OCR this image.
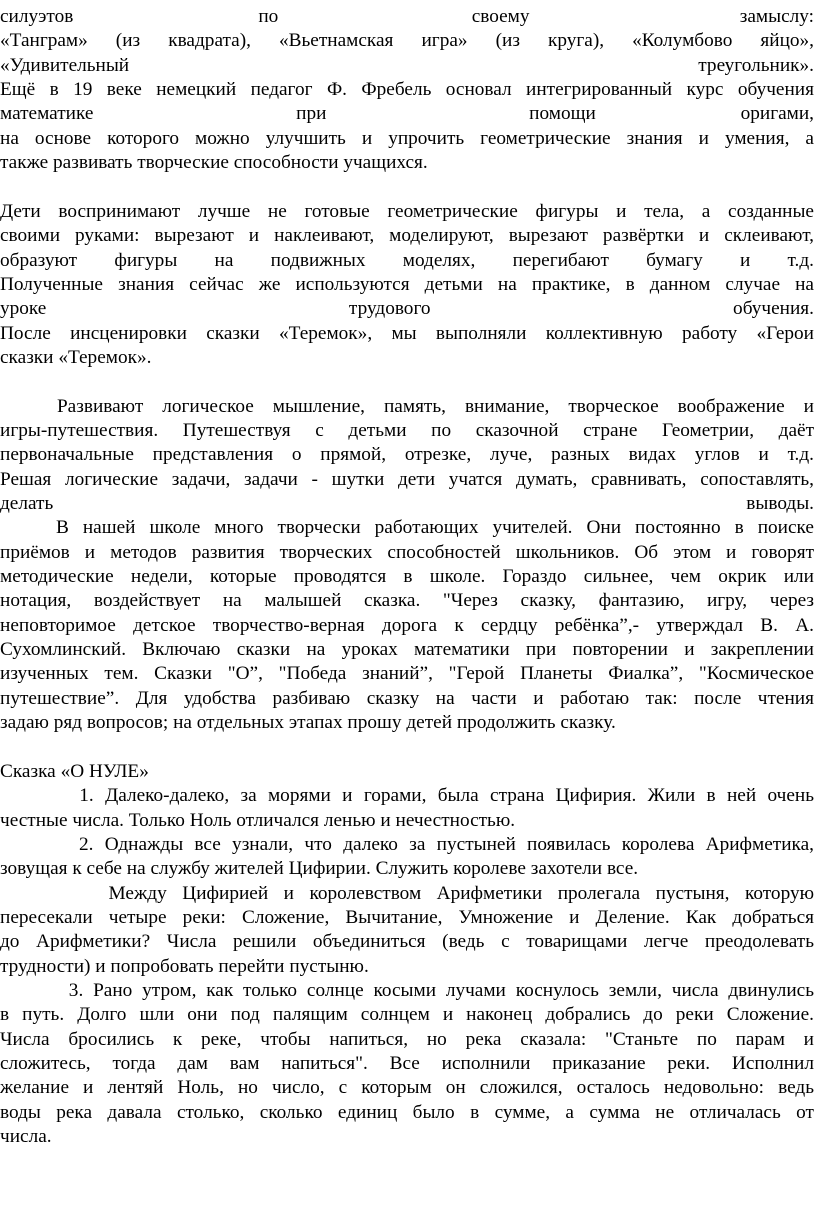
силуэтов                      по                       своему                         замыслу:
«Танграм» (из квадрата), «Вьетнамская игра» (из круга), «Колумбово яйцо»,
«Удивительный                                                                      треугольник».
Ещё в 19 веке немецкий педагог Ф. Фребель основал интегрированный курс обучения
математике                            при                            помощи                    оригами,
на основе которого можно улучшить и упрочить геометрические знания и умения, а
также развивать творческие способности учащихся.
Дети воспринимают лучше не готовые геометрические фигуры и тела, а созданные
своими руками: вырезают и наклеивают, моделируют, вырезают развёртки и склеивают,
образуют фигуры на подвижных моделях, перегибают бумагу и т.д.
Полученные знания сейчас же используются детьми на практике, в данном случае на
уроке                                      трудового                                      обучения.
После инсценировки сказки «Теремок», мы выполняли коллективную работу «Герои
сказки «Теремок».
Развивают логическое мышление, память, внимание, творческое воображение и
игры-путешествия. Путешествуя с детьми по сказочной стране Геометрии, даёт
первоначальные представления о прямой, отрезке, луче, разных видах углов и т.д.
Решая логические задачи, задачи - шутки дети учатся думать, сравнивать, сопоставлять,
делать                                                                                         выводы.
В нашей школе много творчески работающих учителей. Они постоянно в поиске
приёмов и методов развития творческих способностей школьников. Об этом и говорят
методические недели, которые проводятся в школе. Гораздо сильнее, чем окрик или
нотация, воздействует на малышей сказка. "Через сказку, фантазию, игру, через
неповторимое детское творчество-верная дорога к сердцу ребёнка”,- утверждал В. А.
Сухомлинский. Включаю сказки на уроках математики при повторении и закреплении
изученных тем. Сказки "О”, "Победа знаний”, "Герой Планеты Фиалка”, "Космическое
путешествие”. Для удобства разбиваю сказку на части и работаю так: после чтения
задаю ряд вопросов; на отдельных этапах прошу детей продолжить сказку.
Сказка «О НУЛЕ»
1. Далеко-далеко, за морями и горами, была страна Цифирия. Жили в ней очень
честные числа. Только Ноль отличался ленью и нечестностью.
2. Однажды все узнали, что далеко за пустыней появилась королева Арифметика,
зовущая к себе на службу жителей Цифирии. Служить королеве захотели все.
Между Цифирией и королевством Арифметики пролегала пустыня, которую
пересекали четыре реки: Сложение, Вычитание, Умножение и Деление. Как добраться
до Арифметики? Числа решили объединиться (ведь с товарищами легче преодолевать
трудности) и попробовать перейти пустыню.
3. Рано утром, как только солнце косыми лучами коснулось земли, числа двинулись
в путь. Долго шли они под палящим солнцем и наконец добрались до реки Сложение.
Числа бросились к реке, чтобы напиться, но река сказала: "Станьте по парам и
сложитесь, тогда дам вам напиться". Все исполнили приказание реки. Исполнил
желание и лентяй Ноль, но число, с которым он сложился, осталось недовольно: ведь
воды река давала столько, сколько единиц было в сумме, а сумма не отличалась от
числа.
